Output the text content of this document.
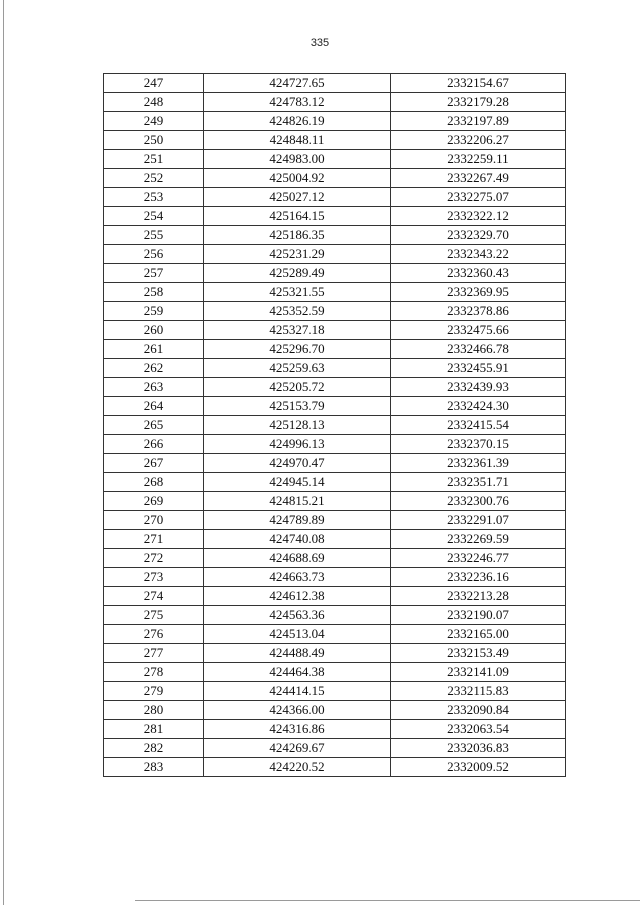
335
247	424727.65	2332154.67
248	424783.12	2332179.28
249	424826.19	2332197.89
250	424848.11	2332206.27
251	424983.00	2332259.11
252	425004.92	2332267.49
253	425027.12	2332275.07
254	425164.15	2332322.12
255	425186.35	2332329.70
256	425231.29	2332343.22
257	425289.49	2332360.43
258	425321.55	2332369.95
259	425352.59	2332378.86
260	425327.18	2332475.66
261	425296.70	2332466.78
262	425259.63	2332455.91
263	425205.72	2332439.93
264	425153.79	2332424.30
265	425128.13	2332415.54
266	424996.13	2332370.15
267	424970.47	2332361.39
268	424945.14	2332351.71
269	424815.21	2332300.76
270	424789.89	2332291.07
271	424740.08	2332269.59
272	424688.69	2332246.77
273	424663.73	2332236.16
274	424612.38	2332213.28
275	424563.36	2332190.07
276	424513.04	2332165.00
277	424488.49	2332153.49
278	424464.38	2332141.09
279	424414.15	2332115.83
280	424366.00	2332090.84
281	424316.86	2332063.54
282	424269.67	2332036.83
283	424220.52	2332009.52
